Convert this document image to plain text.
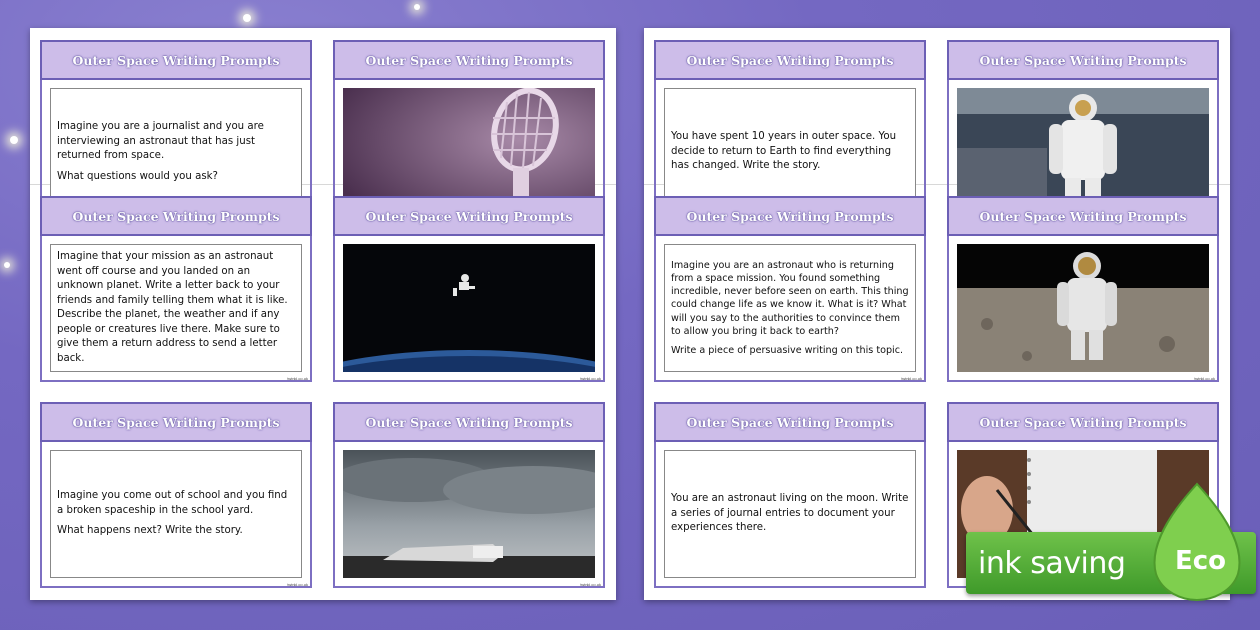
Outer Space Writing Prompts

Imagine you are a journalist and you are interviewing an astronaut that has just returned from space.

What questions would you ask?

Outer Space Writing Prompts
Outer Space Writing Prompts

Imagine that your mission as an astronaut went off course and you landed on an unknown planet. Write a letter back to your friends and family telling them what it is like. Describe the planet, the weather and if any people or creatures live there. Make sure to give them a return address to send a letter back.

twinkl.co.uk
Outer Space Writing Prompts
twinkl.co.uk
Outer Space Writing Prompts

Imagine you come out of school and you find a broken spaceship in the school yard.

What happens next? Write the story.

twinkl.co.uk
Outer Space Writing Prompts
twinkl.co.uk
Outer Space Writing Prompts

You have spent 10 years in outer space. You decide to return to Earth to find everything has changed. Write the story.

Outer Space Writing Prompts
Outer Space Writing Prompts

Imagine you are an astronaut who is returning from a space mission. You found something incredible, never before seen on earth. This thing could change life as we know it. What is it? What will you say to the authorities to convince them to allow you bring it back to earth?

Write a piece of persuasive writing on this topic.

twinkl.co.uk
Outer Space Writing Prompts
twinkl.co.uk
Outer Space Writing Prompts

You are an astronaut living on the moon. Write a series of journal entries to document your experiences there.

Outer Space Writing Prompts
ink saving Eco
